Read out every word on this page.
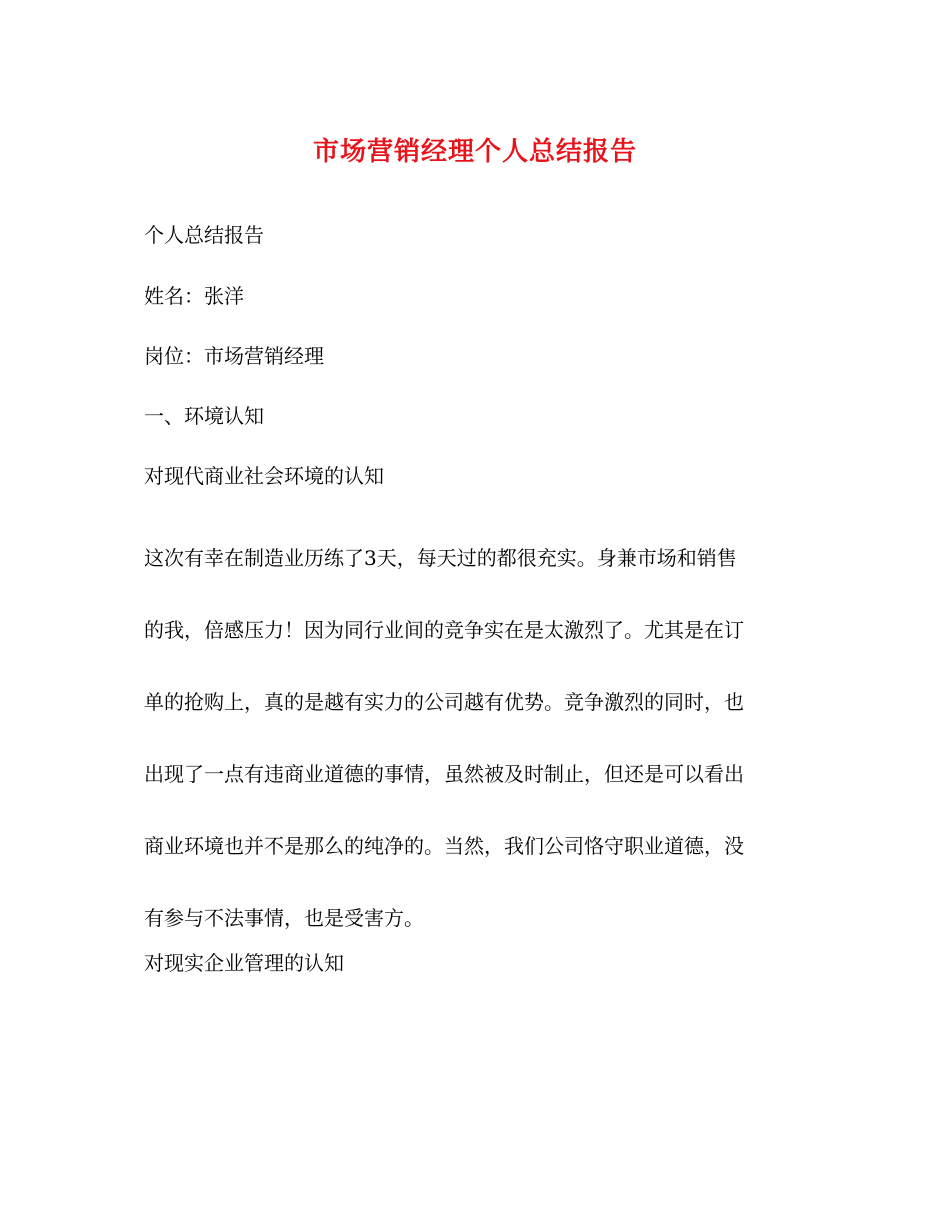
市场营销经理个人总结报告
个人总结报告
姓名：张洋
岗位：市场营销经理
一、环境认知
对现代商业社会环境的认知
这次有幸在制造业历练了3天，每天过的都很充实。身兼市场和销售
的我，倍感压力！因为同行业间的竞争实在是太激烈了。尤其是在订
单的抢购上，真的是越有实力的公司越有优势。竞争激烈的同时，也
出现了一点有违商业道德的事情，虽然被及时制止，但还是可以看出
商业环境也并不是那么的纯净的。当然，我们公司恪守职业道德，没
有参与不法事情，也是受害方。
对现实企业管理的认知
